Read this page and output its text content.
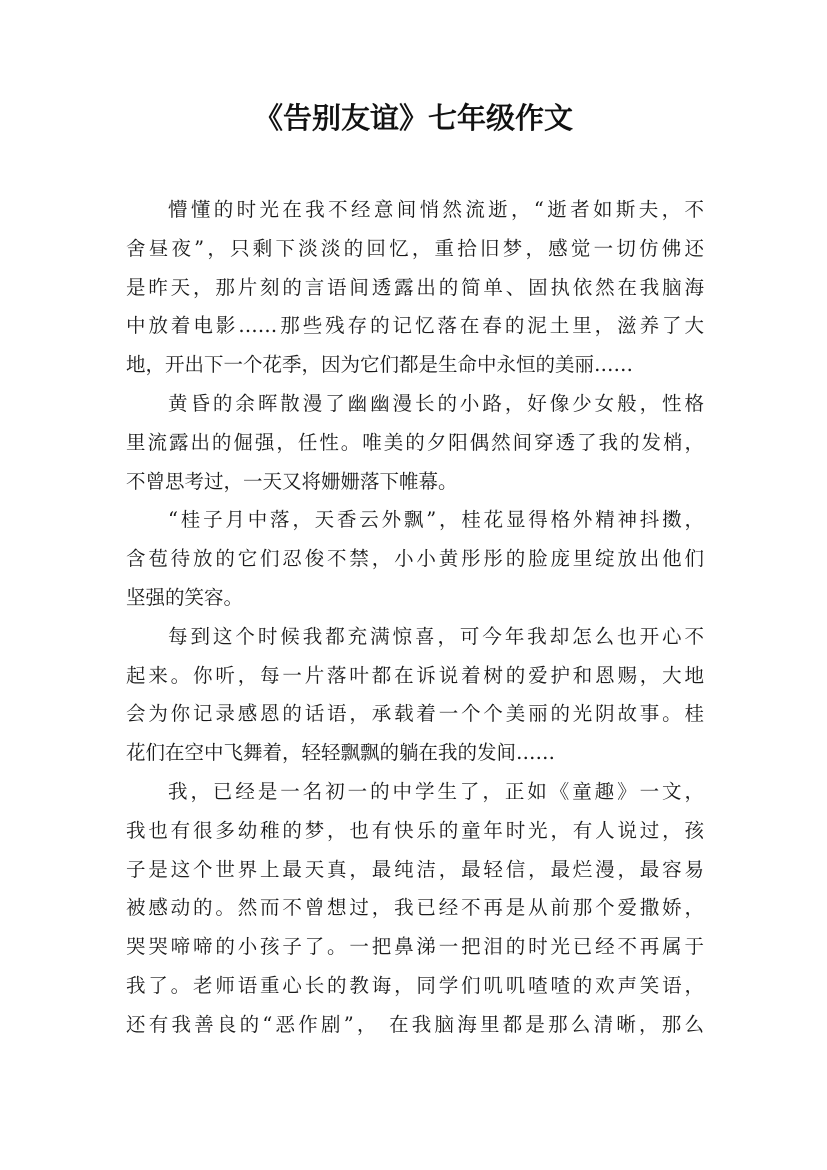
《告别友谊》七年级作文
懵懂的时光在我不经意间悄然流逝，“逝者如斯夫，不
舍昼夜”，只剩下淡淡的回忆，重拾旧梦，感觉一切仿佛还
是昨天，那片刻的言语间透露出的简单、固执依然在我脑海
中放着电影……那些残存的记忆落在春的泥土里，滋养了大
地，开出下一个花季，因为它们都是生命中永恒的美丽……
黄昏的余晖散漫了幽幽漫长的小路，好像少女般，性格
里流露出的倔强，任性。唯美的夕阳偶然间穿透了我的发梢，
不曾思考过，一天又将姗姗落下帷幕。
“桂子月中落，天香云外飘”，桂花显得格外精神抖擞，
含苞待放的它们忍俊不禁，小小黄彤彤的脸庞里绽放出他们
坚强的笑容。
每到这个时候我都充满惊喜，可今年我却怎么也开心不
起来。你听，每一片落叶都在诉说着树的爱护和恩赐，大地
会为你记录感恩的话语，承载着一个个美丽的光阴故事。桂
花们在空中飞舞着，轻轻飘飘的躺在我的发间……
我，已经是一名初一的中学生了，正如《童趣》一文，
我也有很多幼稚的梦，也有快乐的童年时光，有人说过，孩
子是这个世界上最天真，最纯洁，最轻信，最烂漫，最容易
被感动的。然而不曾想过，我已经不再是从前那个爱撒娇，
哭哭啼啼的小孩子了。一把鼻涕一把泪的时光已经不再属于
我了。老师语重心长的教诲，同学们叽叽喳喳的欢声笑语，
还有我善良的“恶作剧”， 在我脑海里都是那么清晰，那么
